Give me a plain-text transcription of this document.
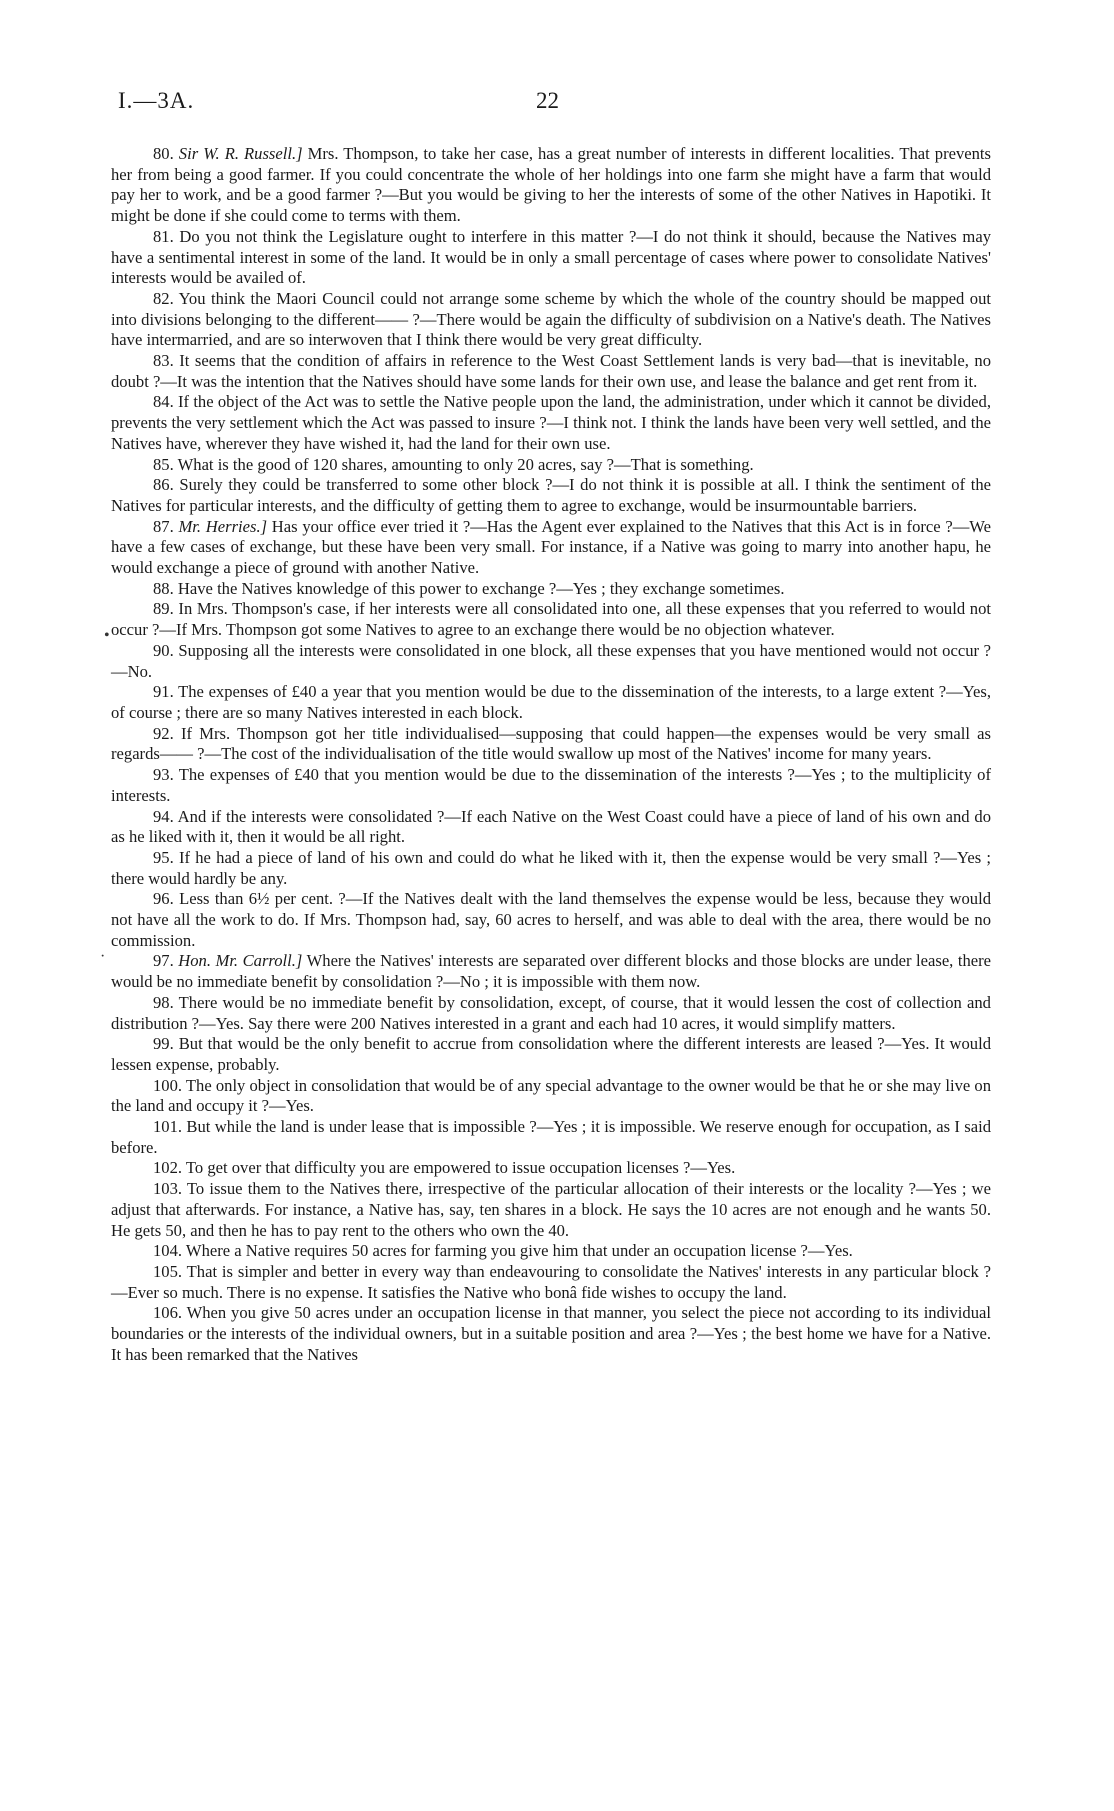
I.—3A.	22
•
·

80. Sir W. R. Russell.] Mrs. Thompson, to take her case, has a great number of interests in different localities. That prevents her from being a good farmer. If you could concentrate the whole of her holdings into one farm she might have a farm that would pay her to work, and be a good farmer ?—But you would be giving to her the interests of some of the other Natives in Hapotiki. It might be done if she could come to terms with them.

81. Do you not think the Legislature ought to interfere in this matter ?—I do not think it should, because the Natives may have a sentimental interest in some of the land. It would be in only a small percentage of cases where power to consolidate Natives' interests would be availed of.

82. You think the Maori Council could not arrange some scheme by which the whole of the country should be mapped out into divisions belonging to the different—— ?—There would be again the difficulty of subdivision on a Native's death. The Natives have intermarried, and are so interwoven that I think there would be very great difficulty.

83. It seems that the condition of affairs in reference to the West Coast Settlement lands is very bad—that is inevitable, no doubt ?—It was the intention that the Natives should have some lands for their own use, and lease the balance and get rent from it.

84. If the object of the Act was to settle the Native people upon the land, the administration, under which it cannot be divided, prevents the very settlement which the Act was passed to insure ?—I think not. I think the lands have been very well settled, and the Natives have, wherever they have wished it, had the land for their own use.

85. What is the good of 120 shares, amounting to only 20 acres, say ?—That is something.

86. Surely they could be transferred to some other block ?—I do not think it is possible at all. I think the sentiment of the Natives for particular interests, and the difficulty of getting them to agree to exchange, would be insurmountable barriers.

87. Mr. Herries.] Has your office ever tried it ?—Has the Agent ever explained to the Natives that this Act is in force ?—We have a few cases of exchange, but these have been very small. For instance, if a Native was going to marry into another hapu, he would exchange a piece of ground with another Native.

88. Have the Natives knowledge of this power to exchange ?—Yes ; they exchange sometimes.

89. In Mrs. Thompson's case, if her interests were all consolidated into one, all these expenses that you referred to would not occur ?—If Mrs. Thompson got some Natives to agree to an exchange there would be no objection whatever.

90. Supposing all the interests were consolidated in one block, all these expenses that you have mentioned would not occur ?—No.

91. The expenses of £40 a year that you mention would be due to the dissemination of the interests, to a large extent ?—Yes, of course ; there are so many Natives interested in each block.

92. If Mrs. Thompson got her title individualised—supposing that could happen—the expenses would be very small as regards—— ?—The cost of the individualisation of the title would swallow up most of the Natives' income for many years.

93. The expenses of £40 that you mention would be due to the dissemination of the interests ?—Yes ; to the multiplicity of interests.

94. And if the interests were consolidated ?—If each Native on the West Coast could have a piece of land of his own and do as he liked with it, then it would be all right.

95. If he had a piece of land of his own and could do what he liked with it, then the expense would be very small ?—Yes ; there would hardly be any.

96. Less than 6½ per cent. ?—If the Natives dealt with the land themselves the expense would be less, because they would not have all the work to do. If Mrs. Thompson had, say, 60 acres to herself, and was able to deal with the area, there would be no commission.

97. Hon. Mr. Carroll.] Where the Natives' interests are separated over different blocks and those blocks are under lease, there would be no immediate benefit by consolidation ?—No ; it is impossible with them now.

98. There would be no immediate benefit by consolidation, except, of course, that it would lessen the cost of collection and distribution ?—Yes. Say there were 200 Natives interested in a grant and each had 10 acres, it would simplify matters.

99. But that would be the only benefit to accrue from consolidation where the different interests are leased ?—Yes. It would lessen expense, probably.

100. The only object in consolidation that would be of any special advantage to the owner would be that he or she may live on the land and occupy it ?—Yes.

101. But while the land is under lease that is impossible ?—Yes ; it is impossible. We reserve enough for occupation, as I said before.

102. To get over that difficulty you are empowered to issue occupation licenses ?—Yes.

103. To issue them to the Natives there, irrespective of the particular allocation of their interests or the locality ?—Yes ; we adjust that afterwards. For instance, a Native has, say, ten shares in a block. He says the 10 acres are not enough and he wants 50. He gets 50, and then he has to pay rent to the others who own the 40.

104. Where a Native requires 50 acres for farming you give him that under an occupation license ?—Yes.

105. That is simpler and better in every way than endeavouring to consolidate the Natives' interests in any particular block ?—Ever so much. There is no expense. It satisfies the Native who bonâ fide wishes to occupy the land.

106. When you give 50 acres under an occupation license in that manner, you select the piece not according to its individual boundaries or the interests of the individual owners, but in a suitable position and area ?—Yes ; the best home we have for a Native. It has been remarked that the Natives
